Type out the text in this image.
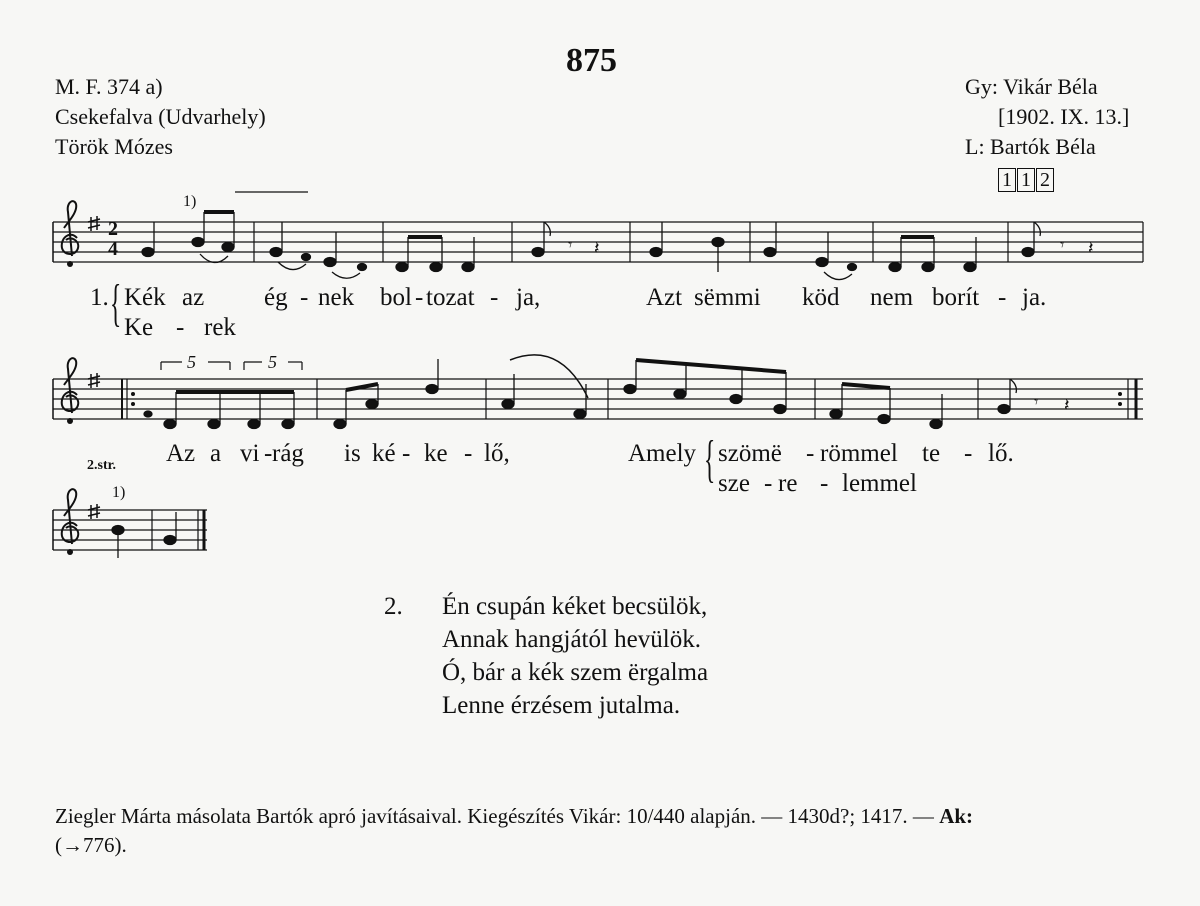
875
M. F. 374 a)
Csekefalva (Udvarhely)
Török Mózes
Gy: Vikár Béla
[1902. IX. 13.]
L: Bartók Béla
1 1 2
𝄾 𝄽	𝄾 𝄽
𝄾 𝄽
1)
1)
2
4
1. { Kék az ég - nek bol - tozat - ja,	Azt sëmmi köd nem borít - ja.
Ke - rek
5	5
2.str. Az a vi - rág is ké - ke - lő,	Amely { szömë - römmel te - lő.
sze - re - lemmel
2. Én csupán kéket becsülök,
Annak hangjától hevülök.
Ó, bár a kék szem ërgalma
Lenne érzésem jutalma.
Ziegler Márta másolata Bartók apró javításaival. Kiegészítés Vikár: 10/440 alapján. — 1430d?; 1417. — Ak:
(→776).
